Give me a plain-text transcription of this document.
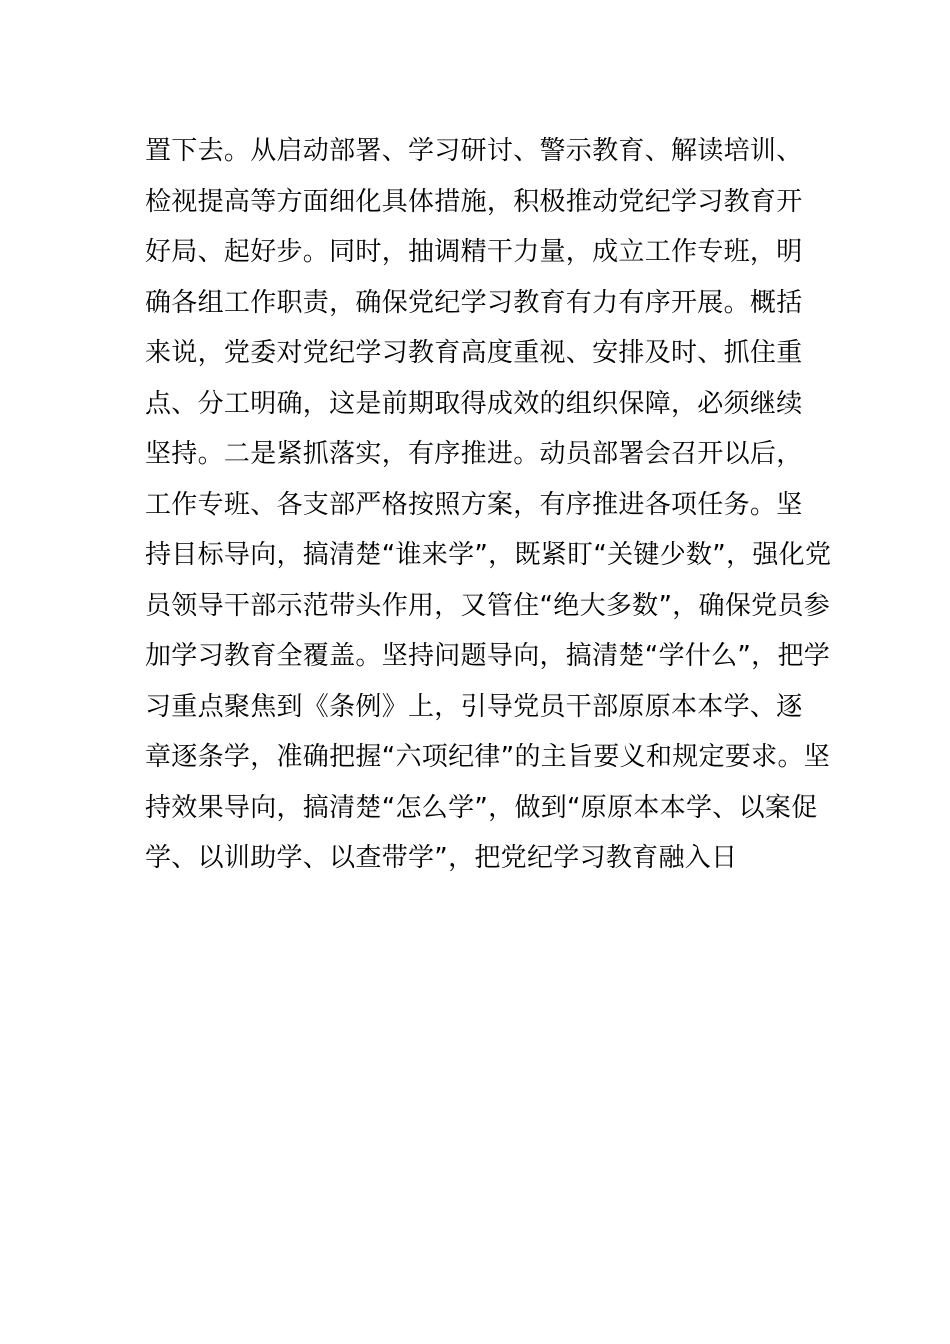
置下去。从启动部署、学习研讨、警示教育、解读培训、
检视提高等方面细化具体措施，积极推动党纪学习教育开
好局、起好步。同时，抽调精干力量，成立工作专班，明
确各组工作职责，确保党纪学习教育有力有序开展。概括
来说，党委对党纪学习教育高度重视、安排及时、抓住重
点、分工明确，这是前期取得成效的组织保障，必须继续
坚持。二是紧抓落实，有序推进。动员部署会召开以后，
工作专班、各支部严格按照方案，有序推进各项任务。坚
持目标导向，搞清楚“谁来学”，既紧盯“关键少数”，强化党
员领导干部示范带头作用，又管住“绝大多数”，确保党员参
加学习教育全覆盖。坚持问题导向，搞清楚“学什么”，把学
习重点聚焦到《条例》上，引导党员干部原原本本学、逐
章逐条学，准确把握“六项纪律”的主旨要义和规定要求。坚
持效果导向，搞清楚“怎么学”，做到“原原本本学、以案促
学、以训助学、以查带学”，把党纪学习教育融入日
